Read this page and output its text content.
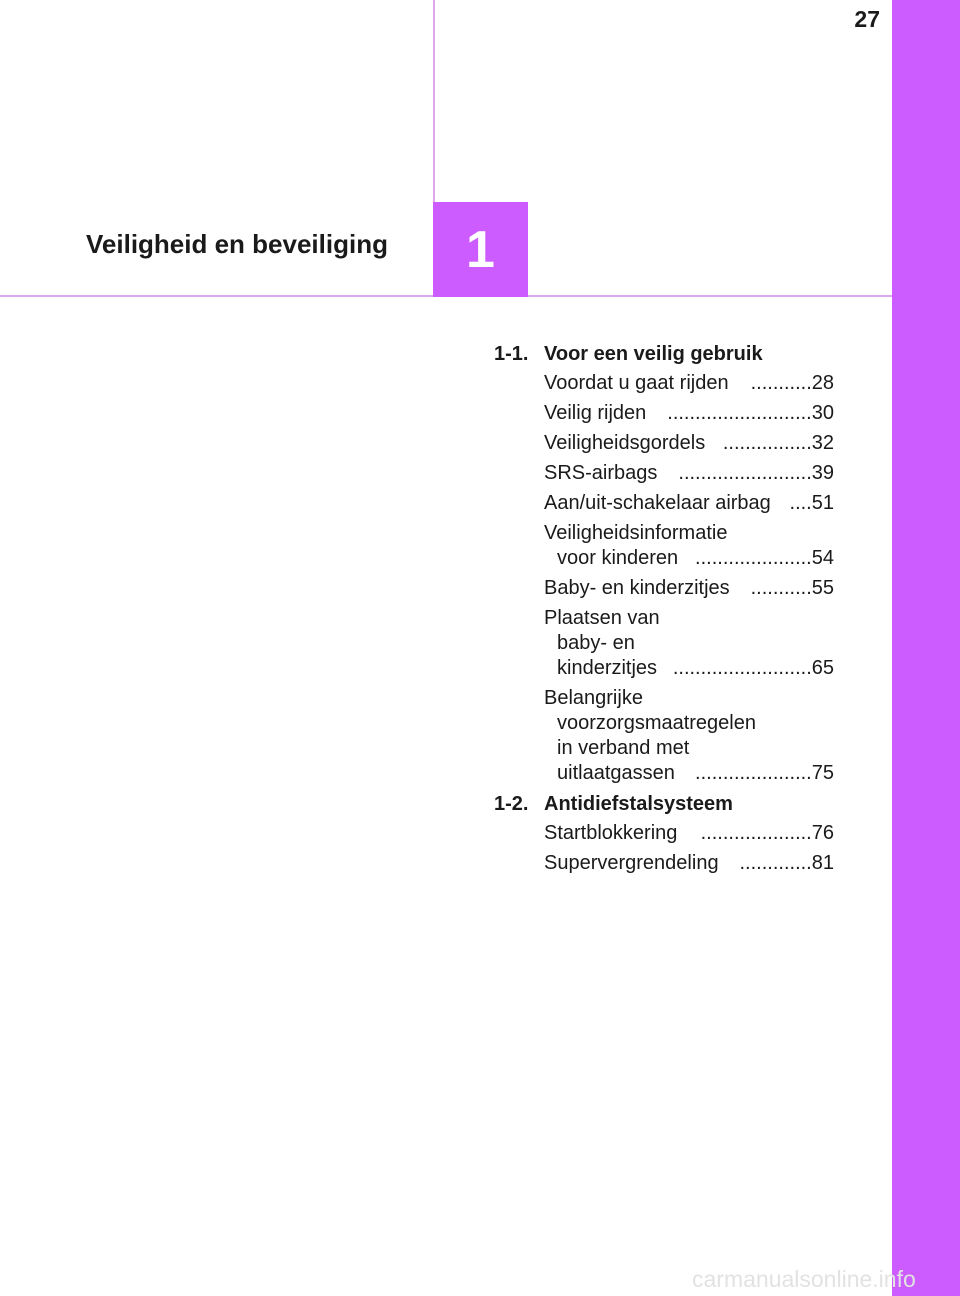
27
1
Veiligheid en beveiliging
1-1. Voor een veilig gebruik
Voordat u gaat rijden	........... 28
Veilig rijden	.......................... 30
Veiligheidsgordels ................ 32
SRS-airbags	........................ 39
Aan/uit-schakelaar airbag .... 51
Veiligheidsinformatie voor kinderen ..................... 54
Baby- en kinderzitjes	........... 55
Plaatsen van baby- en kinderzitjes ......................... 65
Belangrijke voorzorgsmaatregelen in verband met uitlaatgassen	..................... 75
1-2. Antidiefstalsysteem
Startblokkering	.................... 76
Supervergrendeling	............. 81
carmanualsonline.info
